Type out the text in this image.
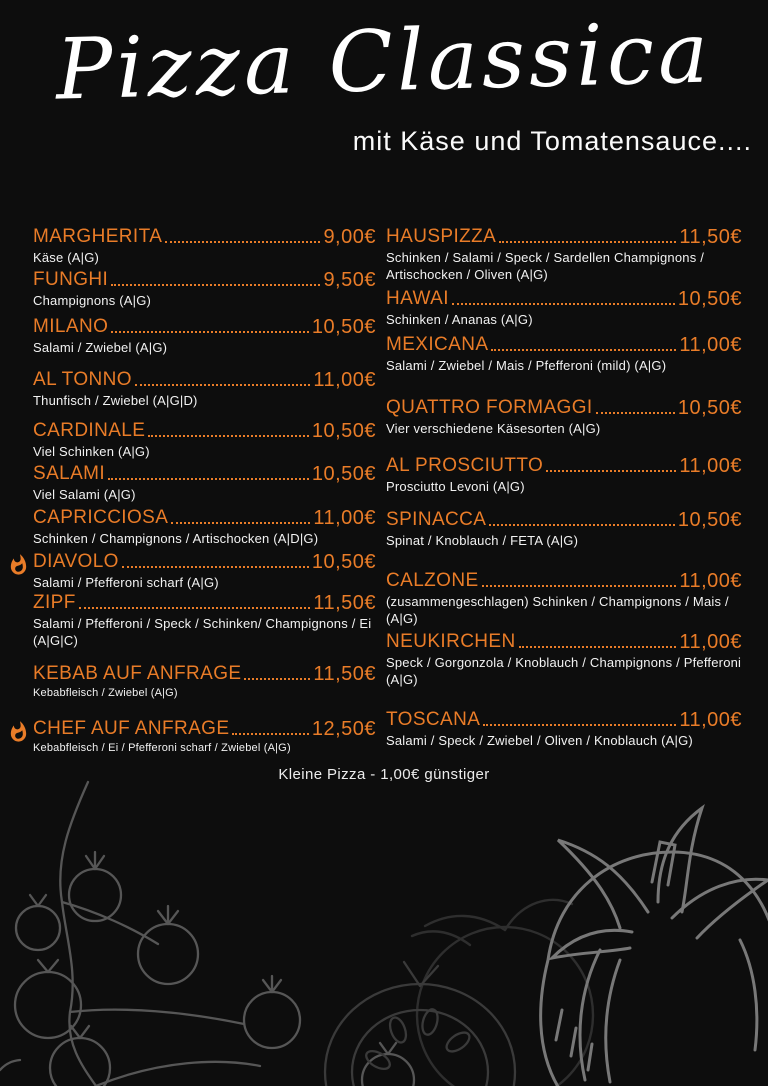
Pizza Classica
mit Käse und Tomatensauce....
MARGHERITA	9,00€
Käse (A|G)
FUNGHI	9,50€
Champignons (A|G)
MILANO	10,50€
Salami / Zwiebel (A|G)
AL TONNO	11,00€
Thunfisch / Zwiebel (A|G|D)
CARDINALE	10,50€
Viel Schinken (A|G)
SALAMI	10,50€
Viel Salami (A|G)
CAPRICCIOSA	11,00€
Schinken / Champignons / Artischocken (A|D|G)
DIAVOLO	10,50€
Salami / Pfefferoni scharf (A|G)
ZIPF	11,50€
Salami / Pfefferoni / Speck / Schinken/ Champignons / Ei (A|G|C)
KEBAB AUF ANFRAGE	11,50€
Kebabfleisch / Zwiebel (A|G)
CHEF AUF ANFRAGE	12,50€
Kebabfleisch / Ei / Pfefferoni scharf / Zwiebel (A|G)
HAUSPIZZA	11,50€
Schinken / Salami / Speck / Sardellen Champignons / Artischocken / Oliven (A|G)
HAWAI	10,50€
Schinken / Ananas (A|G)
MEXICANA	11,00€
Salami / Zwiebel / Mais / Pfefferoni (mild) (A|G)
QUATTRO FORMAGGI	10,50€
Vier verschiedene Käsesorten (A|G)
AL PROSCIUTTO	11,00€
Prosciutto Levoni (A|G)
SPINACCA	10,50€
Spinat / Knoblauch / FETA (A|G)
CALZONE	11,00€
(zusammengeschlagen) Schinken / Champignons / Mais / (A|G)
NEUKIRCHEN	11,00€
Speck / Gorgonzola / Knoblauch / Champignons / Pfefferoni (A|G)
TOSCANA	11,00€
Salami / Speck / Zwiebel / Oliven / Knoblauch (A|G)
Kleine Pizza - 1,00€ günstiger
